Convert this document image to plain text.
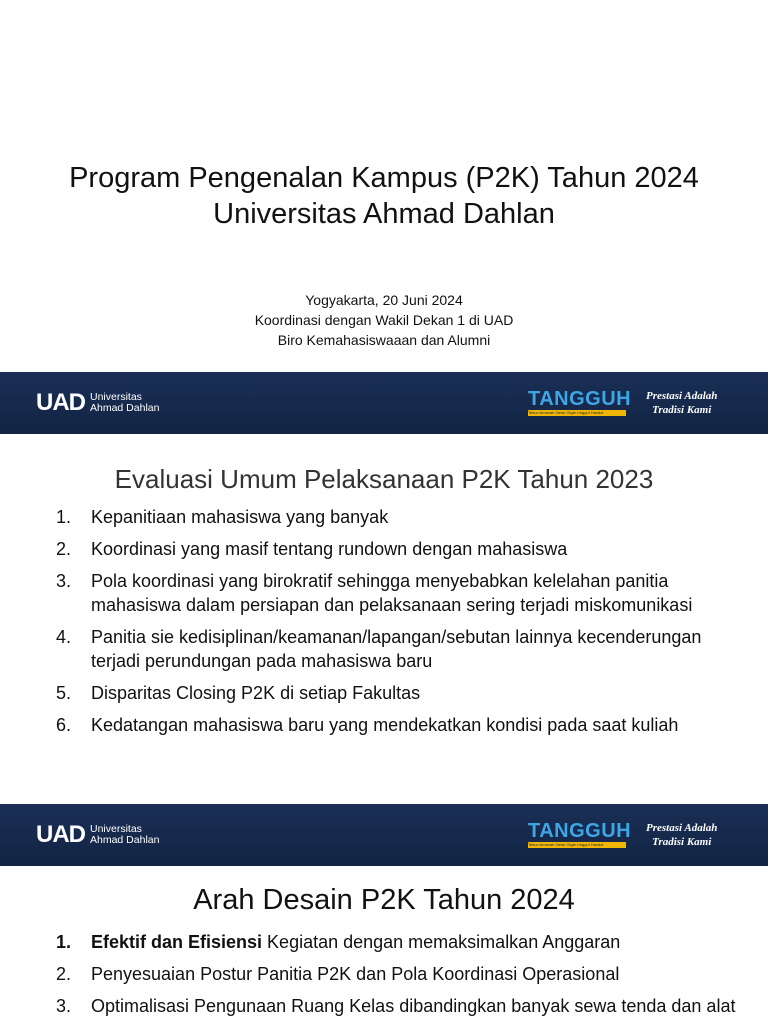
Program Pengenalan Kampus (P2K) Tahun 2024
Universitas Ahmad Dahlan
Yogyakarta, 20 Juni 2024
Koordinasi dengan Wakil Dekan 1 di UAD
Biro Kemahasiswaaan dan Alumni
UAD Universitas
Ahmad Dahlan	TANGGUH
Tekun Amanah Gelar Gigih Unggul Handal
Prestasi Adalah
Tradisi Kami
Evaluasi Umum Pelaksanaan P2K Tahun 2023
1.	Kepanitiaan mahasiswa yang banyak
2.	Koordinasi yang masif tentang rundown dengan mahasiswa
3.	Pola koordinasi yang birokratif sehingga menyebabkan kelelahan panitia mahasiswa dalam persiapan dan pelaksanaan sering terjadi miskomunikasi
4.	Panitia sie kedisiplinan/keamanan/lapangan/sebutan lainnya kecenderungan terjadi perundungan pada mahasiswa baru
5.	Disparitas Closing P2K di setiap Fakultas
6.	Kedatangan mahasiswa baru yang mendekatkan kondisi pada saat kuliah
UAD Universitas
Ahmad Dahlan	TANGGUH
Tekun Amanah Gelar Gigih Unggul Handal
Prestasi Adalah
Tradisi Kami
Arah Desain P2K Tahun 2024
1.	Efektif dan Efisiensi Kegiatan dengan memaksimalkan Anggaran
2.	Penyesuaian Postur Panitia P2K dan Pola Koordinasi Operasional
3.	Optimalisasi Pengunaan Ruang Kelas dibandingkan banyak sewa tenda dan alat
